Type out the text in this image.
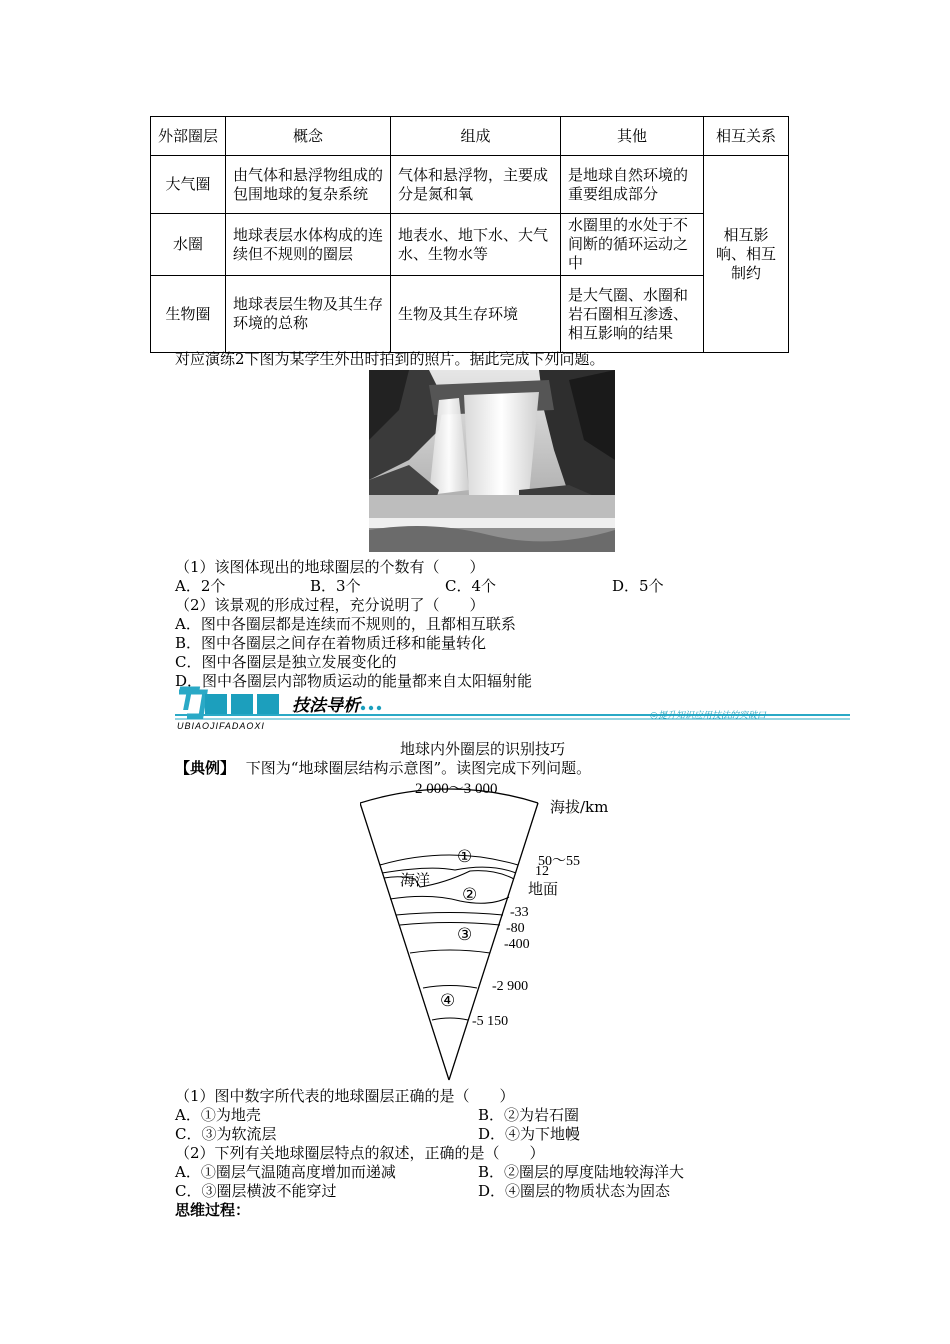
外部圈层	概念	组成	其他	相互关系
大气圈	由气体和悬浮物组成的包围地球的复杂系统	气体和悬浮物，主要成分是氮和氧	是地球自然环境的重要组成部分	相互影响、相互制约
水圈	地球表层水体构成的连续但不规则的圈层	地表水、地下水、大气水、生物水等	水圈里的水处于不间断的循环运动之中	
生物圈	地球表层生物及其生存环境的总称	生物及其生存环境	是大气圈、水圈和岩石圈相互渗透、相互影响的结果	
对应演练2下图为某学生外出时拍到的照片。据此完成下列问题。
（1）该图体现出的地球圈层的个数有（　　）
A．2个	B．3个	C．4个	D．5个
（2）该景观的形成过程，充分说明了（　　）
A．图中各圈层都是连续而不规则的，且都相互联系
B．图中各圈层之间存在着物质迁移和能量转化
C．图中各圈层是独立发展变化的
D．图中各圈层内部物质运动的能量都来自太阳辐射能
T	技法导析
UBIAOJIFADAOXI
◎提升知识应用技法的突破口
地球内外圈层的识别技巧
【典例】 下图为“地球圈层结构示意图”。读图完成下列问题。
2 000～3 000
海拔/km
海洋	地面
50～55
12
-33
-80
-400
-2 900
-5 150
①
②
③
④
（1）图中数字所代表的地球圈层正确的是（　　）
A．①为地壳	B．②为岩石圈
C．③为软流层	D．④为下地幔
（2）下列有关地球圈层特点的叙述，正确的是（　　）
A．①圈层气温随高度增加而递减	B．②圈层的厚度陆地较海洋大
C．③圈层横波不能穿过	D．④圈层的物质状态为固态
思维过程：
